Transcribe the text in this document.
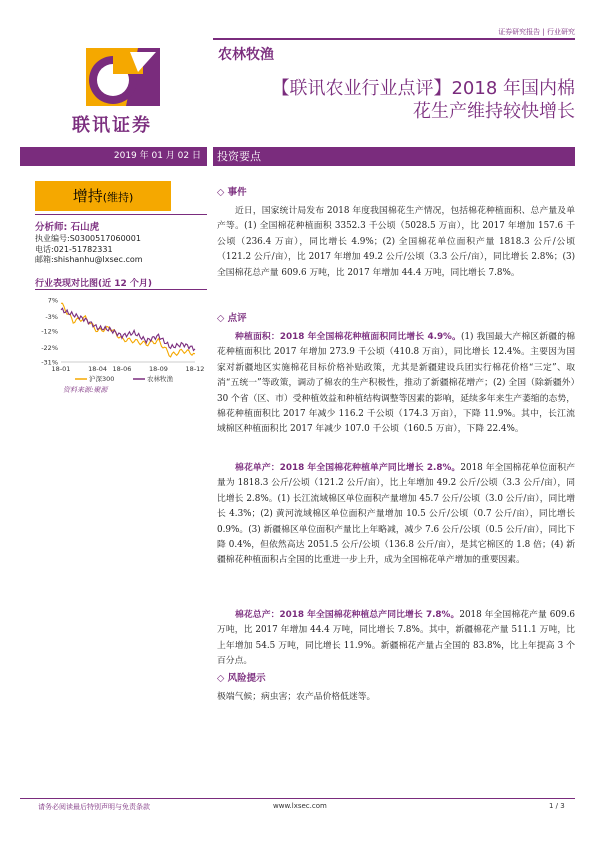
证券研究报告 | 行业研究
联讯证券
农林牧渔
【联讯农业行业点评】2018 年国内棉
花生产维持较快增长
2019 年 01 月 02 日	投资要点
增持(维持)
分析师: 石山虎
执业编号:S0300517060001
电话:021-51782331
邮箱:shishanhu@lxsec.com
行业表现对比图(近 12 个月)
7%
-3%
-12%
-22%
-31%
18-01	18-04 18-06	18-09	18-12
沪深300	农林牧渔
资料来源:聚源
◇ 事件
近日，国家统计局发布 2018 年度我国棉花生产情况，包括棉花种植面积、总产量及单产等。(1) 全国棉花种植面积 3352.3 千公顷（5028.5 万亩），比 2017 年增加 157.6 千公顷（236.4 万亩），同比增长 4.9%；(2) 全国棉花单位面积产量 1818.3 公斤/公顷（121.2 公斤/亩），比 2017 年增加 49.2 公斤/公顷（3.3 公斤/亩），同比增长 2.8%；(3) 全国棉花总产量 609.6 万吨，比 2017 年增加 44.4 万吨，同比增长 7.8%。
◇ 点评
种植面积：2018 年全国棉花种植面积同比增长 4.9%。(1) 我国最大产棉区新疆的棉花种植面积比 2017 年增加 273.9 千公顷（410.8 万亩），同比增长 12.4%。主要因为国家对新疆地区实施棉花目标价格补贴政策，尤其是新疆建设兵团实行棉花价格“三定”、取消“五统一”等政策，调动了棉农的生产积极性，推动了新疆棉花增产；(2) 全国（除新疆外）30 个省（区、市）受种植效益和种植结构调整等因素的影响，延续多年来生产萎缩的态势，棉花种植面积比 2017 年减少 116.2 千公顷（174.3 万亩），下降 11.9%。其中，长江流域棉区种植面积比 2017 年减少 107.0 千公顷（160.5 万亩），下降 22.4%。
棉花单产：2018 年全国棉花种植单产同比增长 2.8%。2018 年全国棉花单位面积产量为 1818.3 公斤/公顷（121.2 公斤/亩），比上年增加 49.2 公斤/公顷（3.3 公斤/亩），同比增长 2.8%。(1) 长江流域棉区单位面积产量增加 45.7 公斤/公顷（3.0 公斤/亩），同比增长 4.3%；(2) 黄河流域棉区单位面积产量增加 10.5 公斤/公顷（0.7 公斤/亩），同比增长 0.9%。(3) 新疆棉区单位面积产量比上年略减，减少 7.6 公斤/公顷（0.5 公斤/亩），同比下降 0.4%，但依然高达 2051.5 公斤/公顷（136.8 公斤/亩），是其它棉区的 1.8 倍；(4) 新疆棉花种植面积占全国的比重进一步上升，成为全国棉花单产增加的重要因素。
棉花总产：2018 年全国棉花种植总产同比增长 7.8%。2018 年全国棉花产量 609.6 万吨，比 2017 年增加 44.4 万吨，同比增长 7.8%。其中，新疆棉花产量 511.1 万吨，比上年增加 54.5 万吨，同比增长 11.9%。新疆棉花产量占全国的 83.8%，比上年提高 3 个百分点。
◇ 风险提示
极端气候；病虫害；农产品价格低迷等。
请务必阅读最后特别声明与免责条款	www.lxsec.com	1 / 3
